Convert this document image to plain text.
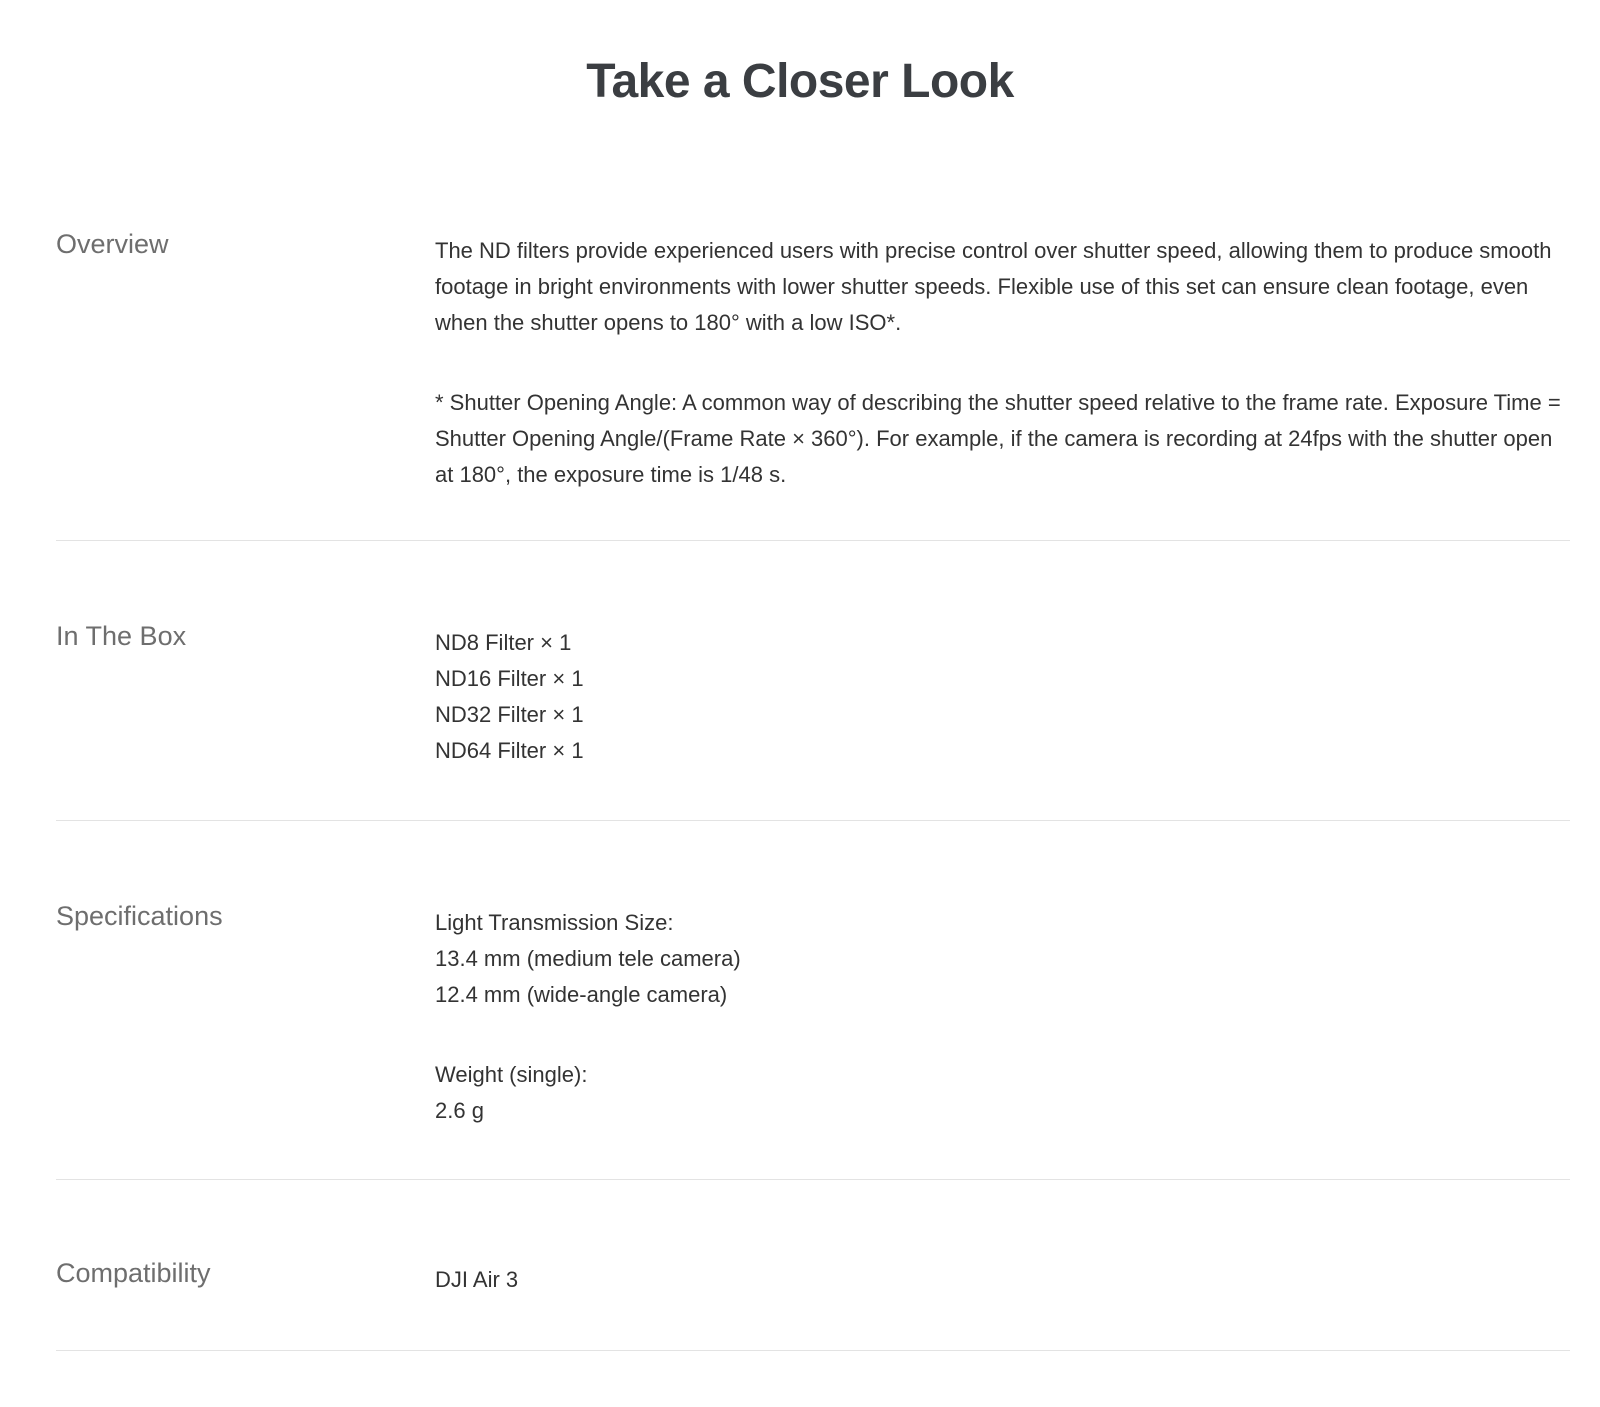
Take a Closer Look
Overview	The ND filters provide experienced users with precise control over shutter speed, allowing them to produce smooth footage in bright environments with lower shutter speeds. Flexible use of this set can ensure clean footage, even when the shutter opens to 180° with a low ISO*.

* Shutter Opening Angle: A common way of describing the shutter speed relative to the frame rate. Exposure Time = Shutter Opening Angle/(Frame Rate × 360°). For example, if the camera is recording at 24fps with the shutter open at 180°, the exposure time is 1/48 s.

In The Box	ND8 Filter × 1
ND16 Filter × 1
ND32 Filter × 1
ND64 Filter × 1
Specifications	Light Transmission Size:
13.4 mm (medium tele camera)
12.4 mm (wide-angle camera)
Weight (single):
2.6 g
Compatibility	DJI Air 3
